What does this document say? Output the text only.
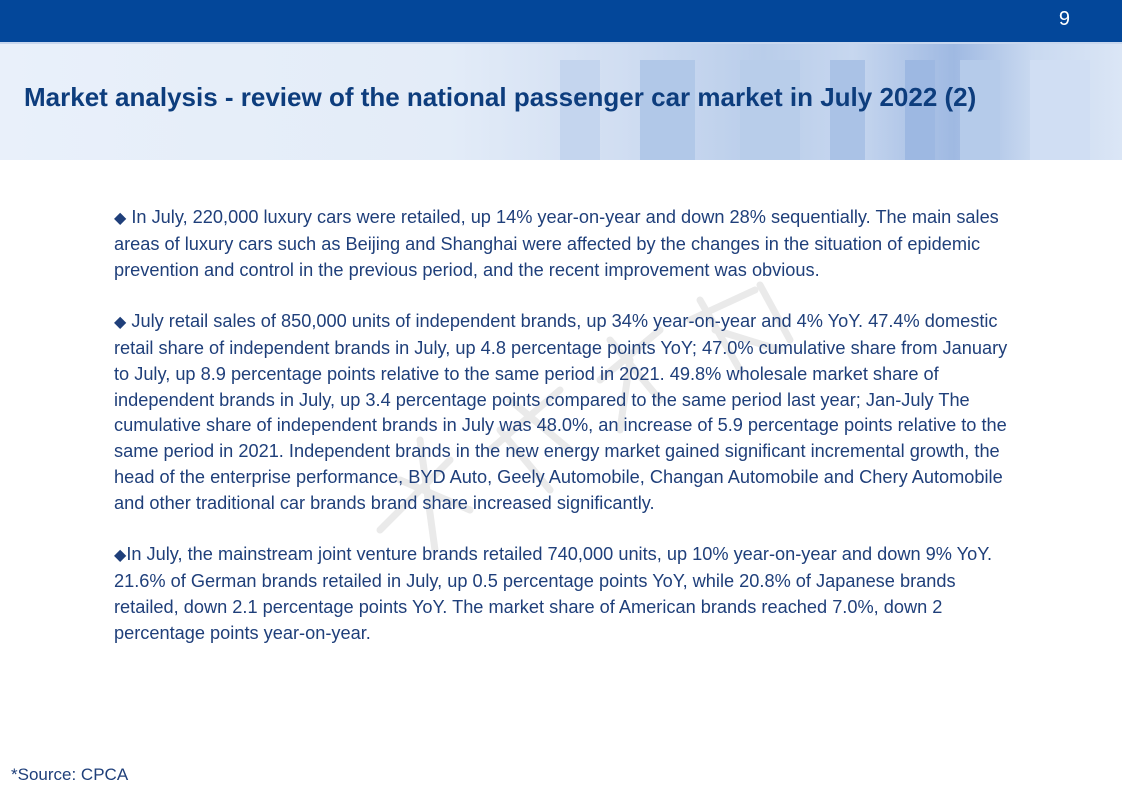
9
Market analysis - review of the national passenger car market in July 2022 (2)

◆ In July, 220,000 luxury cars were retailed, up 14% year-on-year and down 28% sequentially. The main sales areas of luxury cars such as Beijing and Shanghai were affected by the changes in the situation of epidemic prevention and control in the previous period, and the recent improvement was obvious.

◆ July retail sales of 850,000 units of independent brands, up 34% year-on-year and 4% YoY. 47.4% domestic retail share of independent brands in July, up 4.8 percentage points YoY; 47.0% cumulative share from January to July, up 8.9 percentage points relative to the same period in 2021. 49.8% wholesale market share of independent brands in July, up 3.4 percentage points compared to the same period last year; Jan-July The cumulative share of independent brands in July was 48.0%, an increase of 5.9 percentage points relative to the same period in 2021. Independent brands in the new energy market gained significant incremental growth, the head of the enterprise performance, BYD Auto, Geely Automobile, Changan Automobile and Chery Automobile and other traditional car brands brand share increased significantly.

◆In July, the mainstream joint venture brands retailed 740,000 units, up 10% year-on-year and down 9% YoY. 21.6% of German brands retailed in July, up 0.5 percentage points YoY, while 20.8% of Japanese brands retailed, down 2.1 percentage points YoY. The market share of American brands reached 7.0%, down 2 percentage points year-on-year.

*Source: CPCA
